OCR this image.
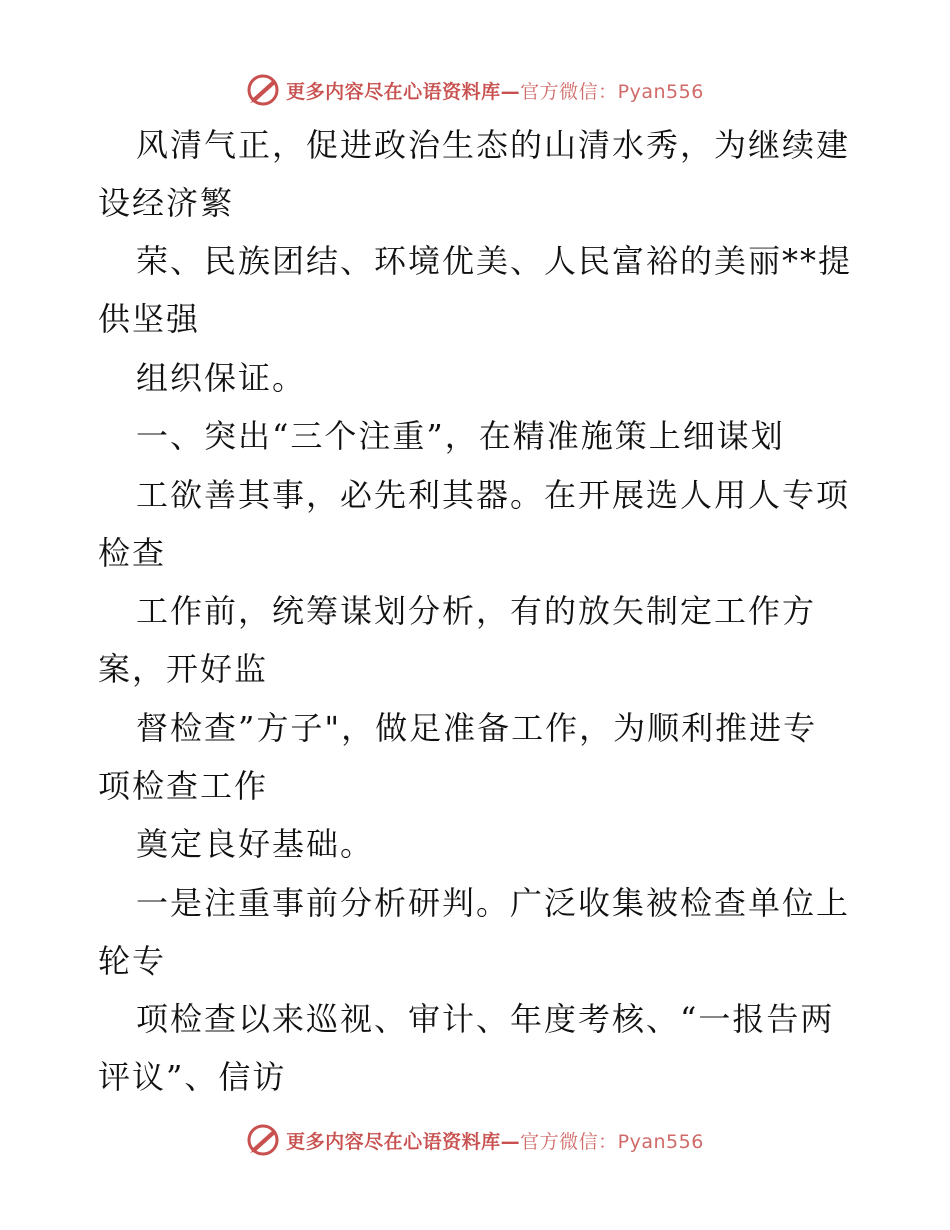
更多内容尽在心语资料库—官方微信：Pyan556
风清气正，促进政治生态的山清水秀，为继续建
设经济繁
荣、民族团结、环境优美、人民富裕的美丽**提
供坚强
组织保证。
一、突出“三个注重”，在精准施策上细谋划
工欲善其事，必先利其器。在开展选人用人专项
检查
工作前，统筹谋划分析，有的放矢制定工作方
案，开好监
督检查”方子"，做足准备工作，为顺利推进专
项检查工作
奠定良好基础。
一是注重事前分析研判。广泛收集被检查单位上
轮专
项检查以来巡视、审计、年度考核、“一报告两
评议”、信访
更多内容尽在心语资料库—官方微信：Pyan556
